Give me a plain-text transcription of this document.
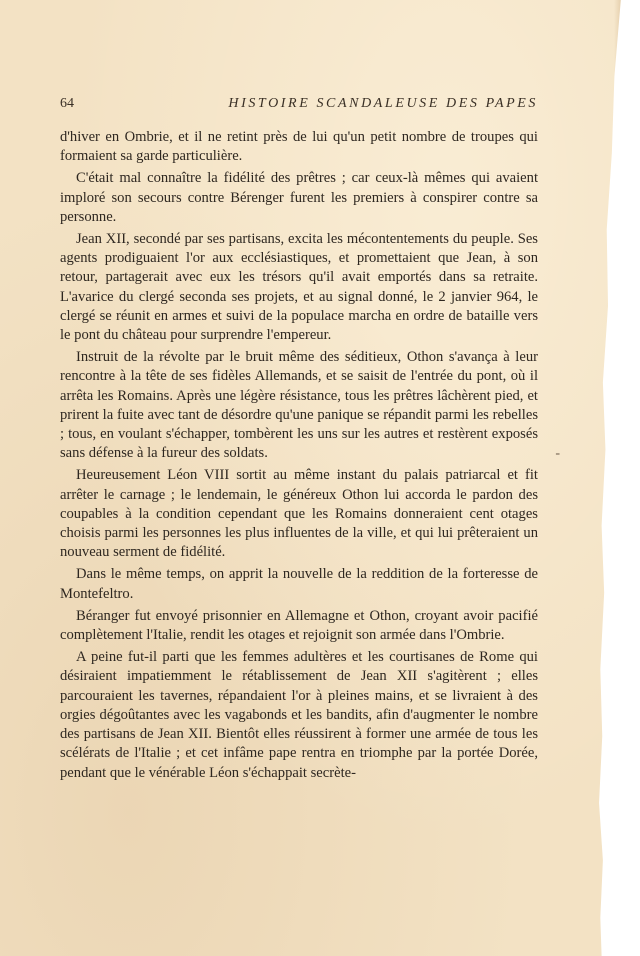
64	HISTOIRE SCANDALEUSE DES PAPES

d'hiver en Ombrie, et il ne retint près de lui qu'un petit nombre de troupes qui formaient sa garde particulière.

C'était mal connaître la fidélité des prêtres ; car ceux-là mêmes qui avaient imploré son secours contre Bérenger furent les premiers à conspirer contre sa personne.

Jean XII, secondé par ses partisans, excita les mécontentements du peuple. Ses agents prodiguaient l'or aux ecclésiastiques, et promettaient que Jean, à son retour, partagerait avec eux les trésors qu'il avait emportés dans sa retraite. L'avarice du clergé seconda ses projets, et au signal donné, le 2 janvier 964, le clergé se réunit en armes et suivi de la populace marcha en ordre de bataille vers le pont du château pour surprendre l'empereur.

Instruit de la révolte par le bruit même des séditieux, Othon s'avança à leur rencontre à la tête de ses fidèles Allemands, et se saisit de l'entrée du pont, où il arrêta les Romains. Après une légère résistance, tous les prêtres lâchèrent pied, et prirent la fuite avec tant de désordre qu'une panique se répandit parmi les rebelles ; tous, en voulant s'échapper, tombèrent les uns sur les autres et restèrent exposés sans défense à la fureur des soldats.

Heureusement Léon VIII sortit au même instant du palais patriarcal et fit arrêter le carnage ; le lendemain, le généreux Othon lui accorda le pardon des coupables à la condition cependant que les Romains donneraient cent otages choisis parmi les personnes les plus influentes de la ville, et qui lui prêteraient un nouveau serment de fidélité.

Dans le même temps, on apprit la nouvelle de la reddition de la forteresse de Montefeltro.

Béranger fut envoyé prisonnier en Allemagne et Othon, croyant avoir pacifié complètement l'Italie, rendit les otages et rejoignit son armée dans l'Ombrie.

A peine fut-il parti que les femmes adultères et les courtisanes de Rome qui désiraient impatiemment le rétablissement de Jean XII s'agitèrent ; elles parcouraient les tavernes, répandaient l'or à pleines mains, et se livraient à des orgies dégoûtantes avec les vagabonds et les bandits, afin d'augmenter le nombre des partisans de Jean XII. Bientôt elles réussirent à former une armée de tous les scélérats de l'Italie ; et cet infâme pape rentra en triomphe par la portée Dorée, pendant que le vénérable Léon s'échappait secrète-

-
